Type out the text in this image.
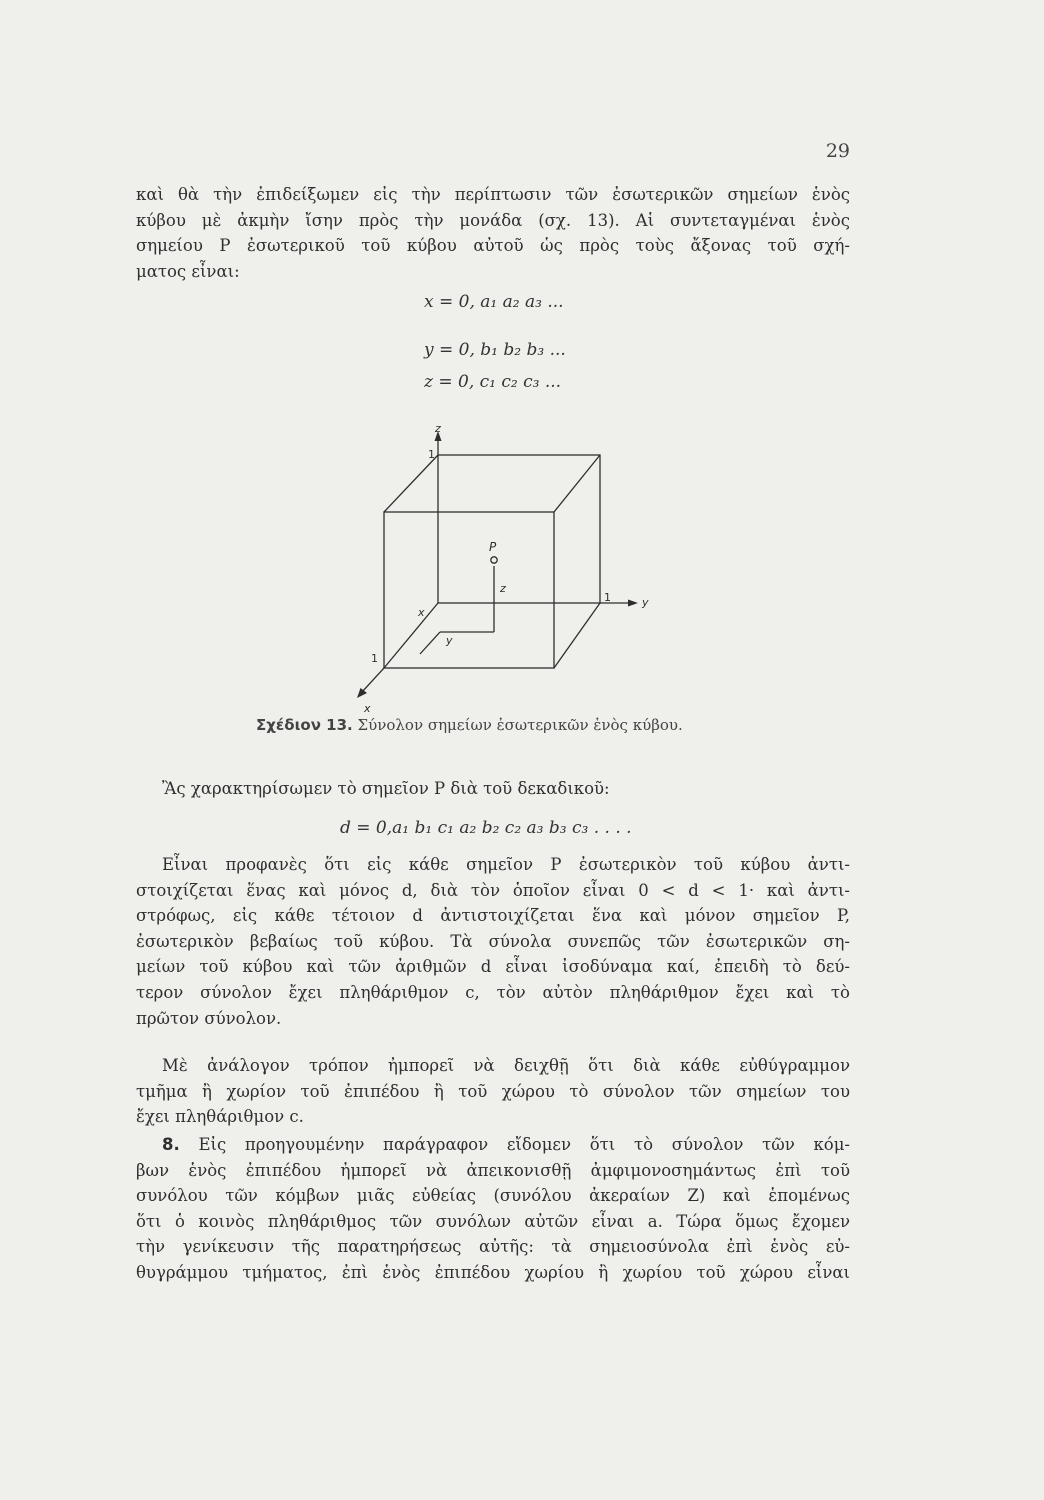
29
καὶ θὰ τὴν ἐπιδείξωμεν εἰς τὴν περίπτωσιν τῶν ἐσωτερικῶν σημείων ἑνὸς
κύβου μὲ ἀκμὴν ἴσην πρὸς τὴν μονάδα (σχ. 13). Αἱ συντεταγμέναι ἑνὸς
σημείου P ἐσωτερικοῦ τοῦ κύβου αὐτοῦ ὡς πρὸς τοὺς ἄξονας τοῦ σχή-
ματος εἶναι:
x = 0, a₁ a₂ a₃ ...
y = 0, b₁ b₂ b₃ ...
z = 0, c₁ c₂ c₃ ...
z
y
x
P
z
x
y
1
1
1
Σχέδιον 13. Σύνολον σημείων ἐσωτερικῶν ἑνὸς κύβου.
Ἂς χαρακτηρίσωμεν τὸ σημεῖον P διὰ τοῦ δεκαδικοῦ:
d = 0,a₁ b₁ c₁ a₂ b₂ c₂ a₃ b₃ c₃ . . . .
Εἶναι προφανὲς ὅτι εἰς κάθε σημεῖον P ἐσωτερικὸν τοῦ κύβου ἀντι-
στοιχίζεται ἕνας καὶ μόνος d, διὰ τὸν ὁποῖον εἶναι 0 < d < 1· καὶ ἀντι-
στρόφως, εἰς κάθε τέτοιον d ἀντιστοιχίζεται ἕνα καὶ μόνον σημεῖον P,
ἐσωτερικὸν βεβαίως τοῦ κύβου. Τὰ σύνολα συνεπῶς τῶν ἐσωτερικῶν ση-
μείων τοῦ κύβου καὶ τῶν ἀριθμῶν d εἶναι ἰσοδύναμα καί, ἐπειδὴ τὸ δεύ-
τερον σύνολον ἔχει πληθάριθμον c, τὸν αὐτὸν πληθάριθμον ἔχει καὶ τὸ
πρῶτον σύνολον.
Μὲ ἀνάλογον τρόπον ἠμπορεῖ νὰ δειχθῇ ὅτι διὰ κάθε εὐθύγραμμον
τμῆμα ἢ χωρίον τοῦ ἐπιπέδου ἢ τοῦ χώρου τὸ σύνολον τῶν σημείων του
ἔχει πληθάριθμον c.
8. Εἰς προηγουμένην παράγραφον εἴδομεν ὅτι τὸ σύνολον τῶν κόμ-
βων ἑνὸς ἐπιπέδου ἠμπορεῖ νὰ ἀπεικονισθῇ ἀμφιμονοσημάντως ἐπὶ τοῦ
συνόλου τῶν κόμβων μιᾶς εὐθείας (συνόλου ἀκεραίων Z) καὶ ἑπομένως
ὅτι ὁ κοινὸς πληθάριθμος τῶν συνόλων αὐτῶν εἶναι a. Τώρα ὅμως ἔχομεν
τὴν γενίκευσιν τῆς παρατηρήσεως αὐτῆς: τὰ σημειοσύνολα ἐπὶ ἑνὸς εὐ-
θυγράμμου τμήματος, ἐπὶ ἑνὸς ἐπιπέδου χωρίου ἢ χωρίου τοῦ χώρου εἶναι
